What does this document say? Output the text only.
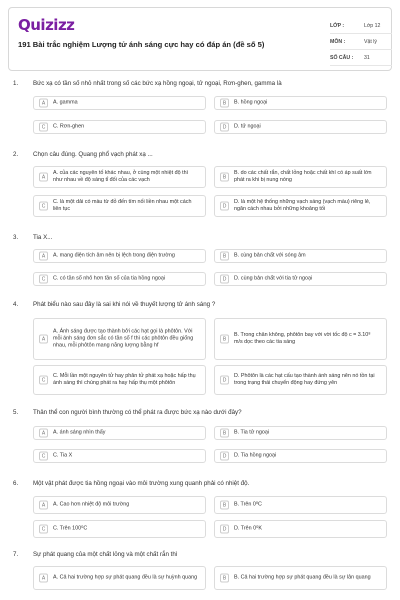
Quizizz
191 Bài trắc nghiệm Lượng tử ánh sáng cực hay có đáp án (đề số 5)
LỚP :	Lớp 12
MÔN :	Vật lý
SỐ CÂU :	31
1. Bức xạ có tần số nhỏ nhất trong số các bức xạ hồng ngoại, tử ngoại, Rơn-ghen, gamma là
A	A. gamma	B	B. hồng ngoại
C	C. Rơn-ghen	D	D. tử ngoại
2. Chọn câu đúng. Quang phổ vạch phát xạ ...
A
A. của các nguyên tố khác nhau, ở cùng một nhiệt độ thì như nhau về độ sáng tỉ đối của các vạch	B
B. do các chất rắn, chất lỏng hoặc chất khí có áp suất lớn phát ra khi bị nung nóng
C
C. là một dải có màu từ đỏ đến tím nối liền nhau một cách liên tục	D
D. là một hệ thống những vạch sáng (vạch màu) riêng lẻ, ngăn cách nhau bởi những khoảng tối
3. Tia X...
A	A. mang điện tích âm nên bị lệch trong điện trường	B	B. cùng bản chất với sóng âm
C	C. có tần số nhỏ hơn tần số của tia hồng ngoại	D	D. cùng bản chất với tia tử ngoại
4. Phát biểu nào sau đây là sai khi nói về thuyết lượng tử ánh sáng ?
A
A. Ánh sáng được tạo thành bởi các hạt gọi là phôtôn. Với mỗi ánh sáng đơn sắc có tần số f thì các phôtôn đều giống nhau, mỗi phôtôn mang năng lượng bằng hf
B
B. Trong chân không, phôtôn bay với vời tốc độ c = 3.10⁸ m/s dọc theo các tia sáng
C
C. Mỗi lần một nguyên tử hay phân tử phát xạ hoặc hấp thụ ánh sáng thì chúng phát ra hay hấp thụ một phôtôn	D
D. Phôtôn là các hạt cấu tạo thành ánh sáng nên nó tồn tại trong trạng thái chuyển động hay đứng yên
5. Thân thể con người bình thường có thể phát ra được bức xạ nào dưới đây?
A	A. ánh sáng nhìn thấy	B	B. Tia tử ngoại
C	C. Tia X	D	D. Tia hồng ngoại
6. Một vật phát được tia hồng ngoại vào môi trường xung quanh phải có nhiệt độ.
A	A. Cao hơn nhiệt độ môi trường	B	B. Trên 0⁰C
C	C. Trên 100⁰C	D	D. Trên 0⁰K
7. Sự phát quang của một chất lỏng và một chất rắn thì
A	A. Cả hai trường hợp sự phát quang đều là sự huỳnh quang	B	B. Cả hai trường hợp sự phát quang đều là sự lân quang
